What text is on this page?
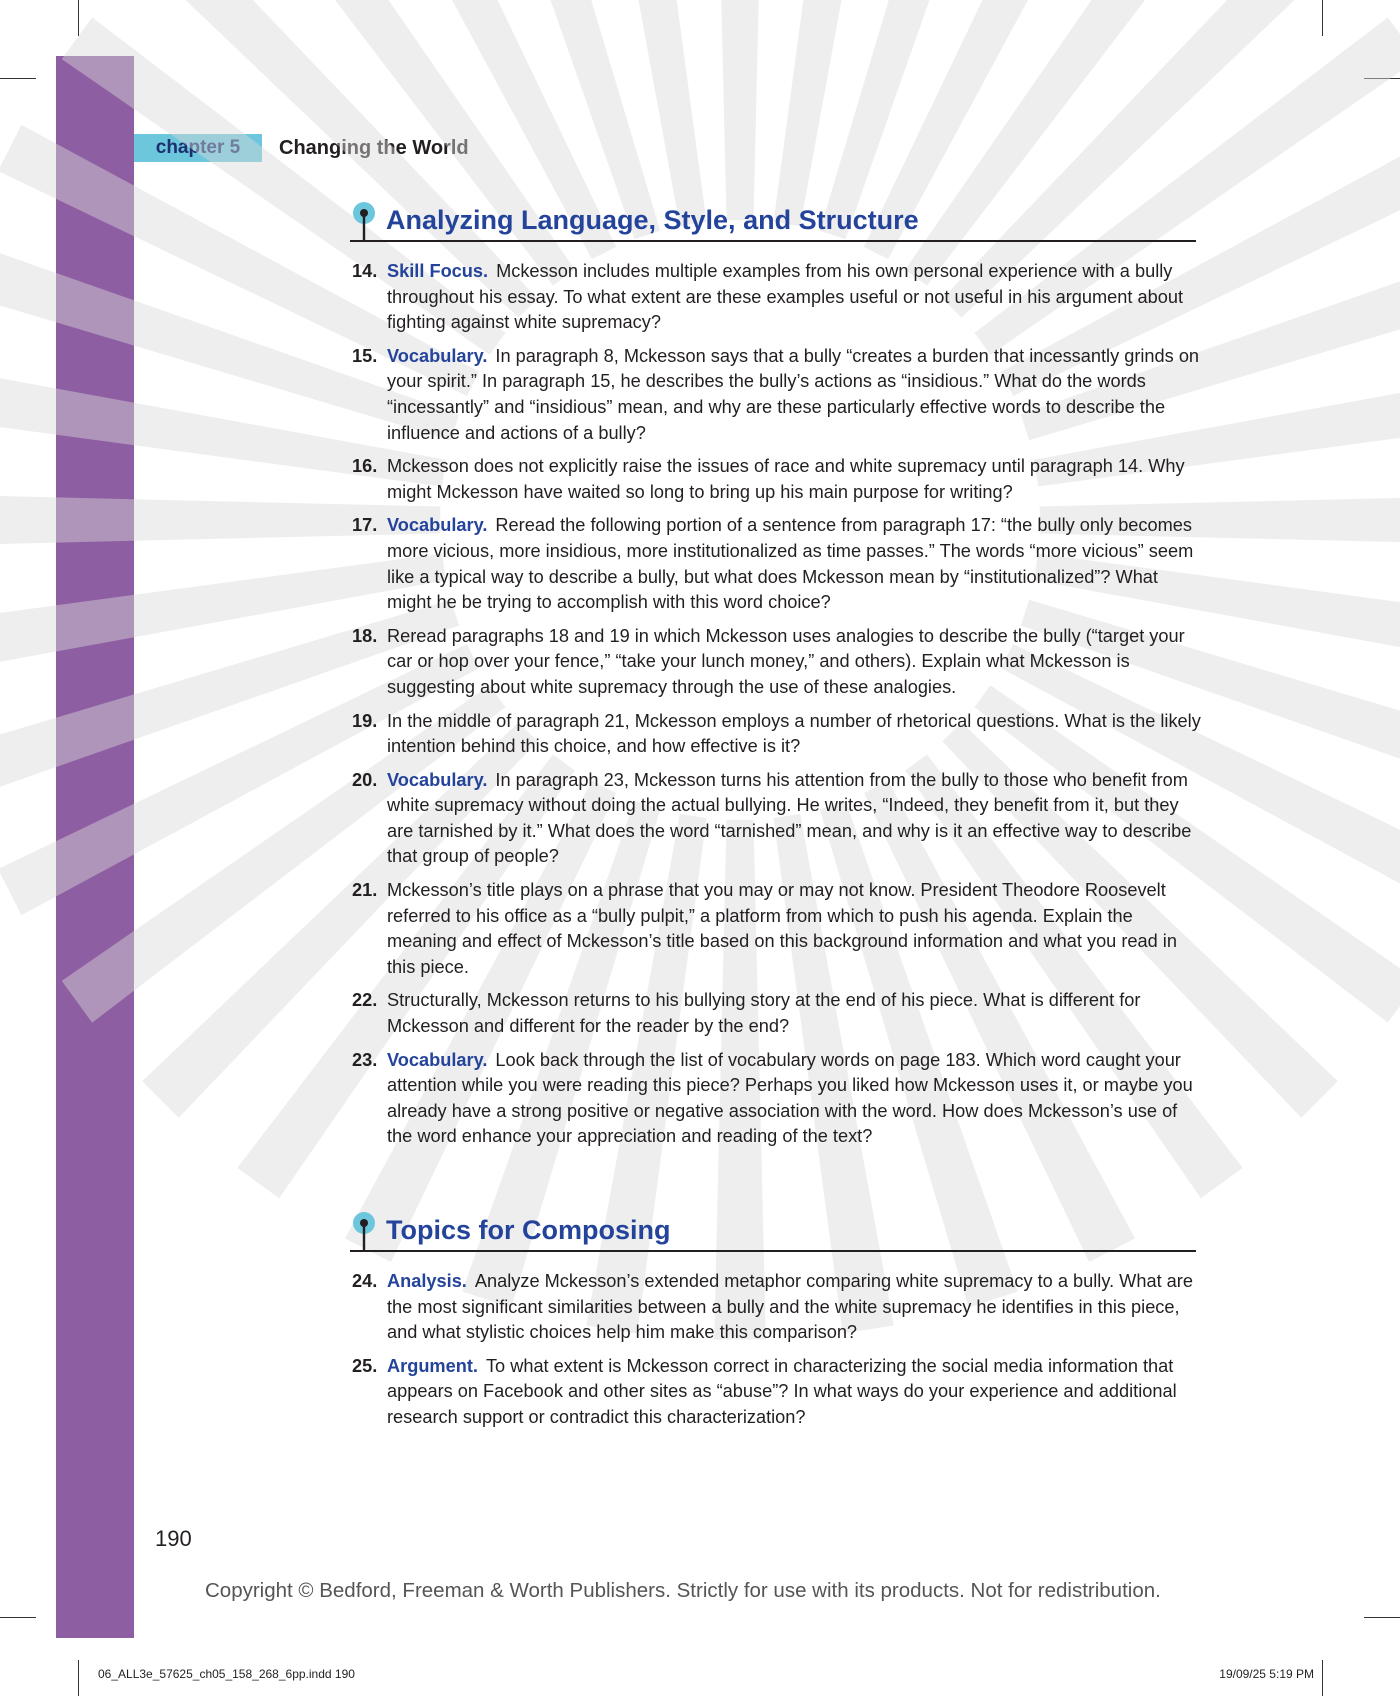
chapter 5	Changing the World
Analyzing Language, Style, and Structure
14. Skill Focus. Mckesson includes multiple examples from his own personal experience with a bully throughout his essay. To what extent are these examples useful or not useful in his argument about fighting against white supremacy?
15. Vocabulary. In paragraph 8, Mckesson says that a bully “creates a burden that incessantly grinds on your spirit.” In paragraph 15, he describes the bully’s actions as “insidious.” What do the words “incessantly” and “insidious” mean, and why are these particularly effective words to describe the influence and actions of a bully?
16. Mckesson does not explicitly raise the issues of race and white supremacy until paragraph 14. Why might Mckesson have waited so long to bring up his main purpose for writing?
17. Vocabulary. Reread the following portion of a sentence from paragraph 17: “the bully only becomes more vicious, more insidious, more institutionalized as time passes.” The words “more vicious” seem like a typical way to describe a bully, but what does Mckesson mean by “institutionalized”? What might he be trying to accomplish with this word choice?
18. Reread paragraphs 18 and 19 in which Mckesson uses analogies to describe the bully (“target your car or hop over your fence,” “take your lunch money,” and others). Explain what Mckesson is suggesting about white supremacy through the use of these analogies.
19. In the middle of paragraph 21, Mckesson employs a number of rhetorical questions. What is the likely intention behind this choice, and how effective is it?
20. Vocabulary. In paragraph 23, Mckesson turns his attention from the bully to those who benefit from white supremacy without doing the actual bullying. He writes, “Indeed, they benefit from it, but they are tarnished by it.” What does the word “tarnished” mean, and why is it an effective way to describe that group of people?
21. Mckesson’s title plays on a phrase that you may or may not know. President Theodore Roosevelt referred to his office as a “bully pulpit,” a platform from which to push his agenda. Explain the meaning and effect of Mckesson’s title based on this background information and what you read in this piece.
22. Structurally, Mckesson returns to his bullying story at the end of his piece. What is different for Mckesson and different for the reader by the end?
23. Vocabulary. Look back through the list of vocabulary words on page 183. Which word caught your attention while you were reading this piece? Perhaps you liked how Mckesson uses it, or maybe you already have a strong positive or negative association with the word. How does Mckesson’s use of the word enhance your appreciation and reading of the text?
Topics for Composing
24. Analysis. Analyze Mckesson’s extended metaphor comparing white supremacy to a bully. What are the most significant similarities between a bully and the white supremacy he identifies in this piece, and what stylistic choices help him make this comparison?
25. Argument. To what extent is Mckesson correct in characterizing the social media information that appears on Facebook and other sites as “abuse”? In what ways do your experience and additional research support or contradict this characterization?
190
Copyright © Bedford, Freeman & Worth Publishers. Strictly for use with its products. Not for redistribution.
06_ALL3e_57625_ch05_158_268_6pp.indd 190	19/09/25 5:19 PM
